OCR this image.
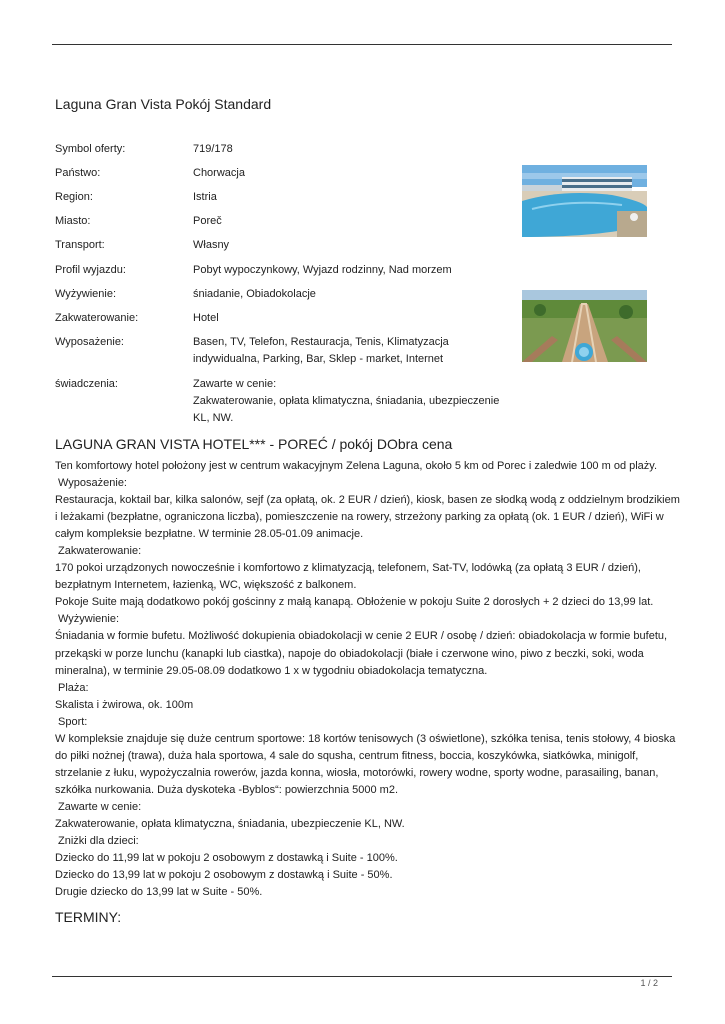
Laguna Gran Vista Pokój Standard
Symbol oferty:	719/178
Państwo:	Chorwacja
Region:	Istria
Miasto:	Poreč
Transport:	Własny
Profil wyjazdu:	Pobyt wypoczynkowy, Wyjazd rodzinny, Nad morzem
Wyżywienie:	śniadanie, Obiadokolacje
Zakwaterowanie:	Hotel
Wyposażenie:	Basen, TV, Telefon, Restauracja, Tenis, Klimatyzacja indywidualna, Parking, Bar, Sklep - market, Internet
świadczenia:	Zawarte w cenie:
Zakwaterowanie, opłata klimatyczna, śniadania, ubezpieczenie KL, NW.
LAGUNA GRAN VISTA HOTEL*** - POREĆ / pokój DObra cena

Ten komfortowy hotel położony jest w centrum wakacyjnym Zelena Laguna, około 5 km od Porec i zaledwie 100 m od plaży.

Wyposażenie:

Restauracja, koktail bar, kilka salonów, sejf (za opłatą, ok. 2 EUR / dzień), kiosk, basen ze słodką wodą z oddzielnym brodzikiem i leżakami (bezpłatne, ograniczona liczba), pomieszczenie na rowery, strzeżony parking za opłatą (ok. 1 EUR / dzień), WiFi w całym kompleksie bezpłatne. W terminie 28.05-01.09 animacje.

Zakwaterowanie:

170 pokoi urządzonych nowocześnie i komfortowo z klimatyzacją, telefonem, Sat-TV, lodówką (za opłatą 3 EUR / dzień), bezpłatnym Internetem, łazienką, WC, większość z balkonem.

Pokoje Suite mają dodatkowo pokój gościnny z małą kanapą. Obłożenie w pokoju Suite 2 dorosłych + 2 dzieci do 13,99 lat.

Wyżywienie:

Śniadania w formie bufetu. Możliwość dokupienia obiadokolacji w cenie 2 EUR / osobę / dzień: obiadokolacja w formie bufetu, przekąski w porze lunchu (kanapki lub ciastka), napoje do obiadokolacji (białe i czerwone wino, piwo z beczki, soki, woda mineralna), w terminie 29.05-08.09 dodatkowo 1 x w tygodniu obiadokolacja tematyczna.

Plaża:

Skalista i żwirowa, ok. 100m

Sport:

W kompleksie znajduje się duże centrum sportowe: 18 kortów tenisowych (3 oświetlone), szkółka tenisa, tenis stołowy, 4 bioska do piłki nożnej (trawa), duża hala sportowa, 4 sale do squsha, centrum fitness, boccia, koszykówka, siatkówka, minigolf, strzelanie z łuku, wypożyczalnia rowerów, jazda konna, wiosła, motorówki, rowery wodne, sporty wodne, parasailing, banan, szkółka nurkowania. Duża dyskoteka -Byblos“: powierzchnia 5000 m2.

Zawarte w cenie:

Zakwaterowanie, opłata klimatyczna, śniadania, ubezpieczenie KL, NW.

Zniżki dla dzieci:

Dziecko do 11,99 lat w pokoju 2 osobowym z dostawką i Suite - 100%.

Dziecko do 13,99 lat w pokoju 2 osobowym z dostawką i Suite - 50%.

Drugie dziecko do 13,99 lat w Suite - 50%.

TERMINY:
1 / 2
